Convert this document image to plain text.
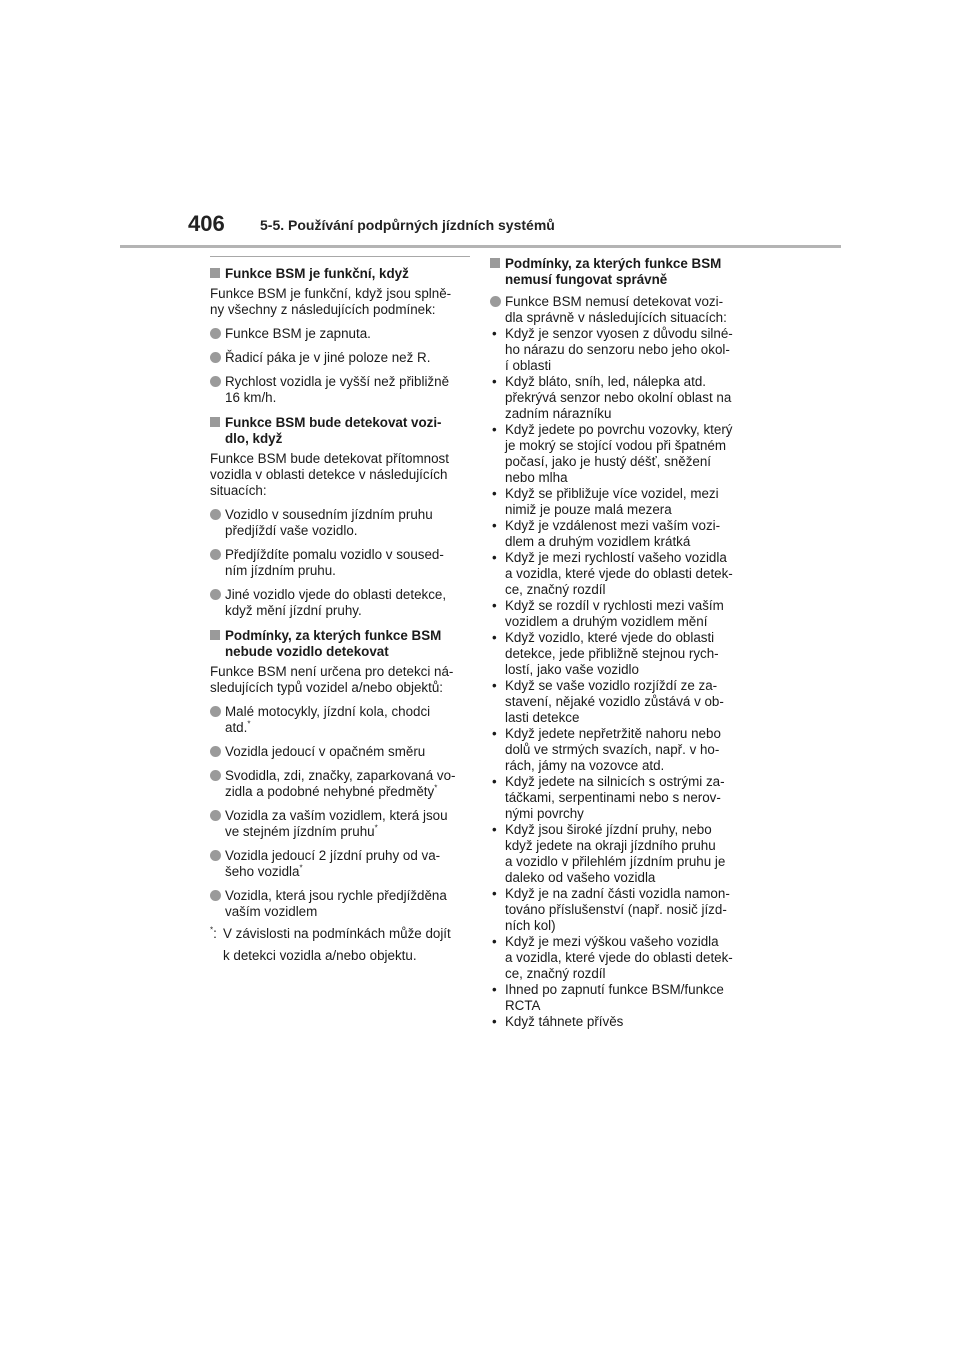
406	5-5. Používání podpůrných jízdních systémů
Funkce BSM je funkční, když
Funkce BSM je funkční, když jsou splně-
ny všechny z následujících podmínek:
Funkce BSM je zapnuta.
Řadicí páka je v jiné poloze než R.
Rychlost vozidla je vyšší než přibližně
16 km/h.
Funkce BSM bude detekovat vozi-
dlo, když
Funkce BSM bude detekovat přítomnost
vozidla v oblasti detekce v následujících
situacích:
Vozidlo v sousedním jízdním pruhu
předjíždí vaše vozidlo.
Předjíždíte pomalu vozidlo v soused-
ním jízdním pruhu.
Jiné vozidlo vjede do oblasti detekce,
když mění jízdní pruhy.
Podmínky, za kterých funkce BSM
nebude vozidlo detekovat
Funkce BSM není určena pro detekci ná-
sledujících typů vozidel a/nebo objektů:
Malé motocykly, jízdní kola, chodci
atd.*
Vozidla jedoucí v opačném směru
Svodidla, zdi, značky, zaparkovaná vo-
zidla a podobné nehybné předměty*
Vozidla za vaším vozidlem, která jsou
ve stejném jízdním pruhu*
Vozidla jedoucí 2 jízdní pruhy od va-
šeho vozidla*
Vozidla, která jsou rychle předjížděna
vaším vozidlem
*: V závislosti na podmínkách může dojít
k detekci vozidla a/nebo objektu.
Podmínky, za kterých funkce BSM
nemusí fungovat správně
Funkce BSM nemusí detekovat vozi-
dla správně v následujících situacích:
• Když je senzor vyosen z důvodu silné-
ho nárazu do senzoru nebo jeho okol-
í oblasti
• Když bláto, sníh, led, nálepka atd.
překrývá senzor nebo okolní oblast na
zadním nárazníku
• Když jedete po povrchu vozovky, který
je mokrý se stojící vodou při špatném
počasí, jako je hustý déšť, sněžení
nebo mlha
• Když se přibližuje více vozidel, mezi
nimiž je pouze malá mezera
• Když je vzdálenost mezi vaším vozi-
dlem a druhým vozidlem krátká
• Když je mezi rychlostí vašeho vozidla
a vozidla, které vjede do oblasti detek-
ce, značný rozdíl
• Když se rozdíl v rychlosti mezi vaším
vozidlem a druhým vozidlem mění
• Když vozidlo, které vjede do oblasti
detekce, jede přibližně stejnou rych-
lostí, jako vaše vozidlo
• Když se vaše vozidlo rozjíždí ze za-
stavení, nějaké vozidlo zůstává v ob-
lasti detekce
• Když jedete nepřetržitě nahoru nebo
dolů ve strmých svazích, např. v ho-
rách, jámy na vozovce atd.
• Když jedete na silnicích s ostrými za-
táčkami, serpentinami nebo s nerov-
nými povrchy
• Když jsou široké jízdní pruhy, nebo
když jedete na okraji jízdního pruhu
a vozidlo v přilehlém jízdním pruhu je
daleko od vašeho vozidla
• Když je na zadní části vozidla namon-
továno příslušenství (např. nosič jízd-
ních kol)
• Když je mezi výškou vašeho vozidla
a vozidla, které vjede do oblasti detek-
ce, značný rozdíl
• Ihned po zapnutí funkce BSM/funkce
RCTA
• Když táhnete přívěs
